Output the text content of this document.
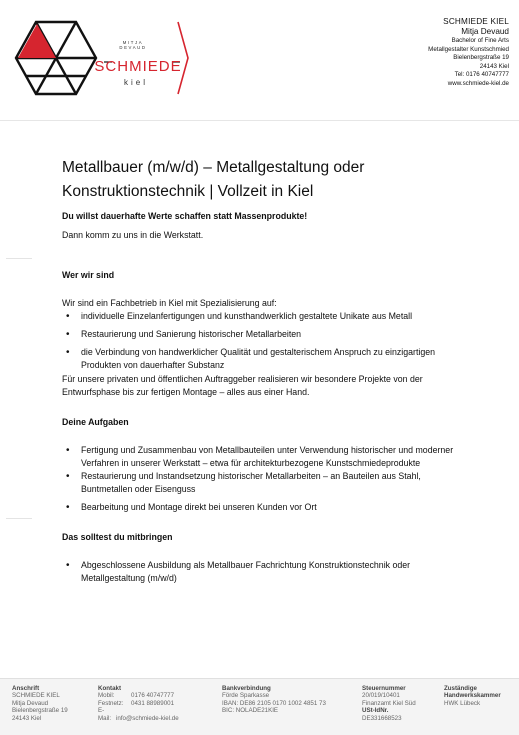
MITJA DEVAUD
SCHMIEDE
kiel
SCHMIEDE KIEL
Mitja Devaud
Bachelor of Fine Arts
Metallgestalter Kunstschmied
Bielenbergstraße 19
24143 Kiel
Tel: 0176 40747777
www.schmiede-kiel.de
Metallbauer (m/w/d) – Metallgestaltung oder
Konstruktionstechnik | Vollzeit in Kiel

Du willst dauerhafte Werte schaffen statt Massenprodukte!

Dann komm zu uns in die Werkstatt.

Wer wir sind

Wir sind ein Fachbetrieb in Kiel mit Spezialisierung auf:

• individuelle Einzelanfertigungen und kunsthandwerklich gestaltete Unikate aus Metall
• Restaurierung und Sanierung historischer Metallarbeiten
• die Verbindung von handwerklicher Qualität und gestalterischem Anspruch zu einzigartigen Produkten von dauerhafter Substanz

Für unsere privaten und öffentlichen Auftraggeber realisieren wir besondere Projekte von der Entwurfsphase bis zur fertigen Montage – alles aus einer Hand.

Deine Aufgaben

• Fertigung und Zusammenbau von Metallbauteilen unter Verwendung historischer und moderner Verfahren in unserer Werkstatt – etwa für architekturbezogene Kunstschmiedeprodukte
• Restaurierung und Instandsetzung historischer Metallarbeiten – an Bauteilen aus Stahl, Buntmetallen oder Eisenguss
• Bearbeitung und Montage direkt bei unseren Kunden vor Ort

Das solltest du mitbringen

• Abgeschlossene Ausbildung als Metallbauer Fachrichtung Konstruktionstechnik oder Metallgestaltung (m/w/d)
Anschrift
SCHMIEDE KIEL
Mitja Devaud
Bielenbergstraße 19
24143 Kiel
Kontakt
Mobil:	0176 40747777
Festnetz: 0431 88989001
E-Mail: info@schmiede-kiel.de
Bankverbindung
Förde Sparkasse
IBAN: DE86 2105 0170 1002 4851 73
BIC: NOLADE21KIE
Steuernummer
20/019/10401
Finanzamt Kiel Süd
USt-IdNr.
DE331668523
Zuständige
Handwerkskammer
HWK Lübeck
